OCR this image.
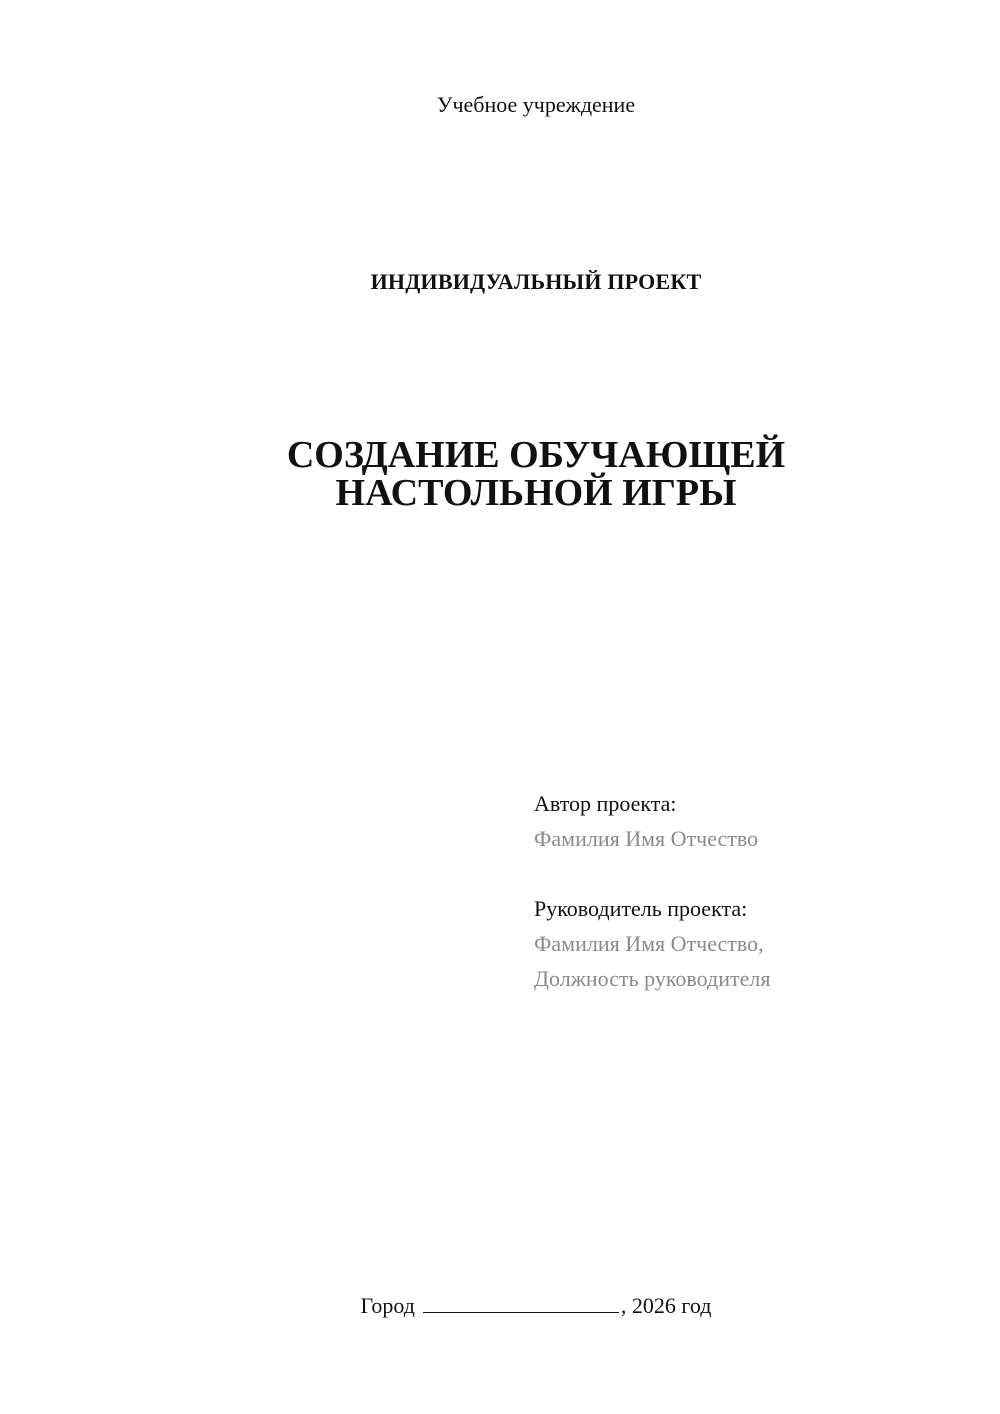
Учебное учреждение
ИНДИВИДУАЛЬНЫЙ ПРОЕКТ
СОЗДАНИЕ ОБУЧАЮЩЕЙ
НАСТОЛЬНОЙ ИГРЫ
Автор проекта:
Фамилия Имя Отчество
Руководитель проекта:
Фамилия Имя Отчество,
Должность руководителя
Город	, 2026 год
